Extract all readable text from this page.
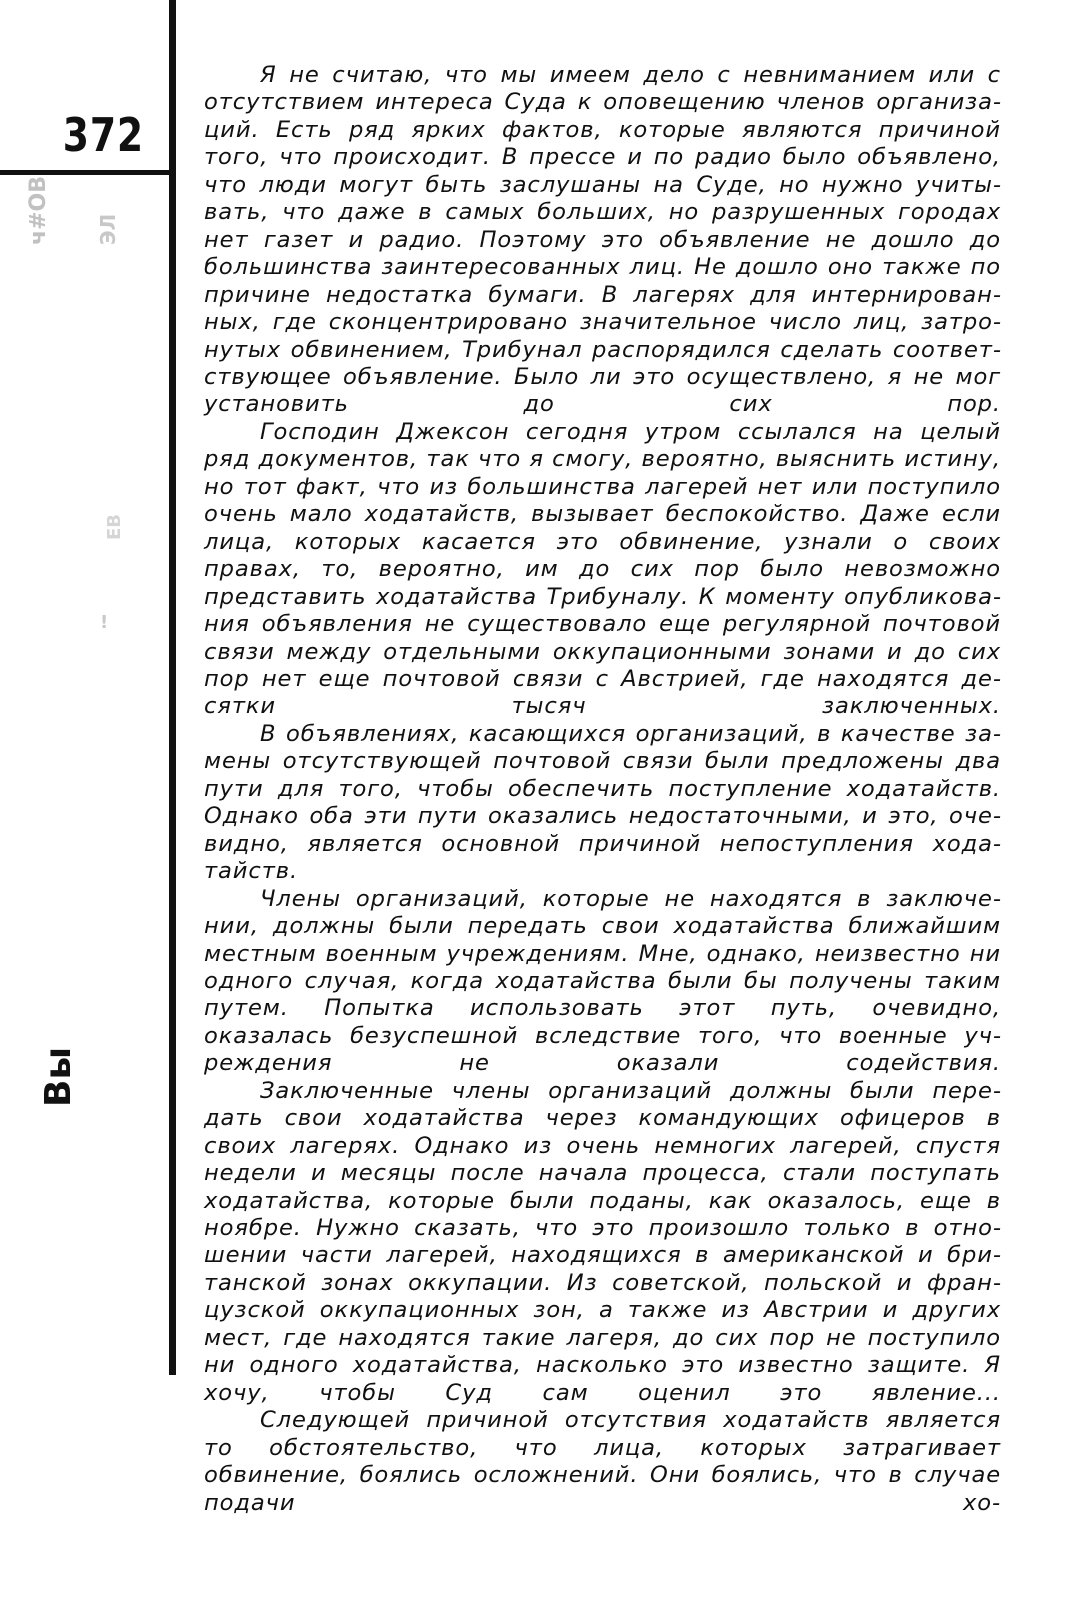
372
ч#ОВ ЭЛ
ЕВ
!
Вы

Я не считаю, что мы имеем дело с невниманием или с отсутствием интереса Суда к оповещению членов организаций. Есть ряд ярких фактов, которые являются причиной того, что происходит. В прессе и по радио было объявлено, что люди могут быть заслушаны на Суде, но нужно учитывать, что даже в самых больших, но разрушенных городах нет газет и радио. Поэтому это объявление не дошло до большинства заинтересованных лиц. Не дошло оно также по причине недостатка бумаги. В лагерях для интернированных, где сконцентрировано значительное число лиц, затронутых обвинением, Трибунал распорядился сделать соответствующее объявление. Было ли это осуществлено, я не мог установить до сих пор.

Господин Джексон сегодня утром ссылался на целый ряд документов, так что я смогу, вероятно, выяснить истину, но тот факт, что из большинства лагерей нет или поступило очень мало ходатайств, вызывает беспокойство. Даже если лица, которых касается это обвинение, узнали о своих правах, то, вероятно, им до сих пор было невозможно представить ходатайства Трибуналу. К моменту опубликования объявления не существовало еще регулярной почтовой связи между отдельными оккупационными зонами и до сих пор нет еще почтовой связи с Австрией, где находятся десятки тысяч заключенных.

В объявлениях, касающихся организаций, в качестве замены отсутствующей почтовой связи были предложены два пути для того, чтобы обеспечить поступление ходатайств. Однако оба эти пути оказались недостаточными, и это, очевидно, является основной причиной непоступления ходатайств.

Члены организаций, которые не находятся в заключении, должны были передать свои ходатайства ближайшим местным военным учреждениям. Мне, однако, неизвестно ни одного случая, когда ходатайства были бы получены таким путем. Попытка использовать этот путь, очевидно, оказалась безуспешной вследствие того, что военные учреждения не оказали содействия.

Заключенные члены организаций должны были передать свои ходатайства через командующих офицеров в своих лагерях. Однако из очень немногих лагерей, спустя недели и месяцы после начала процесса, стали поступать ходатайства, которые были поданы, как оказалось, еще в ноябре. Нужно сказать, что это произошло только в отношении части лагерей, находящихся в американской и британской зонах оккупации. Из советской, польской и французской оккупационных зон, а также из Австрии и других мест, где находятся такие лагеря, до сих пор не поступило ни одного ходатайства, насколько это известно защите. Я хочу, чтобы Суд сам оценил это явление...

Следующей причиной отсутствия ходатайств является то обстоятельство, что лица, которых затрагивает обвинение, боялись осложнений. Они боялись, что в случае подачи хо-
